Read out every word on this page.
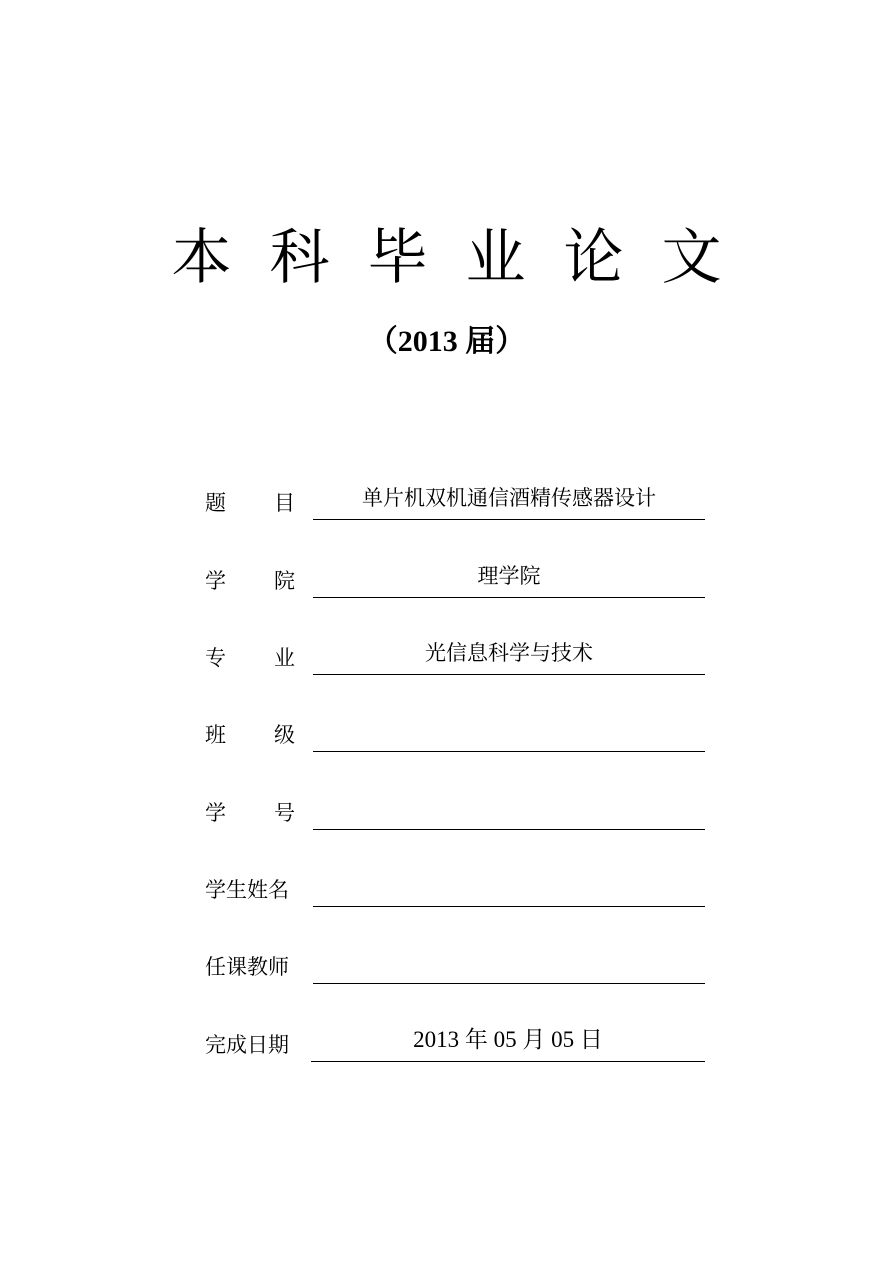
本科毕业论文
（2013 届）
题 目	单片机双机通信酒精传感器设计
学 院	理学院
专 业	光信息科学与技术
班 级
学 号
学生姓名
任课教师
完成日期	2013 年 05 月 05 日
